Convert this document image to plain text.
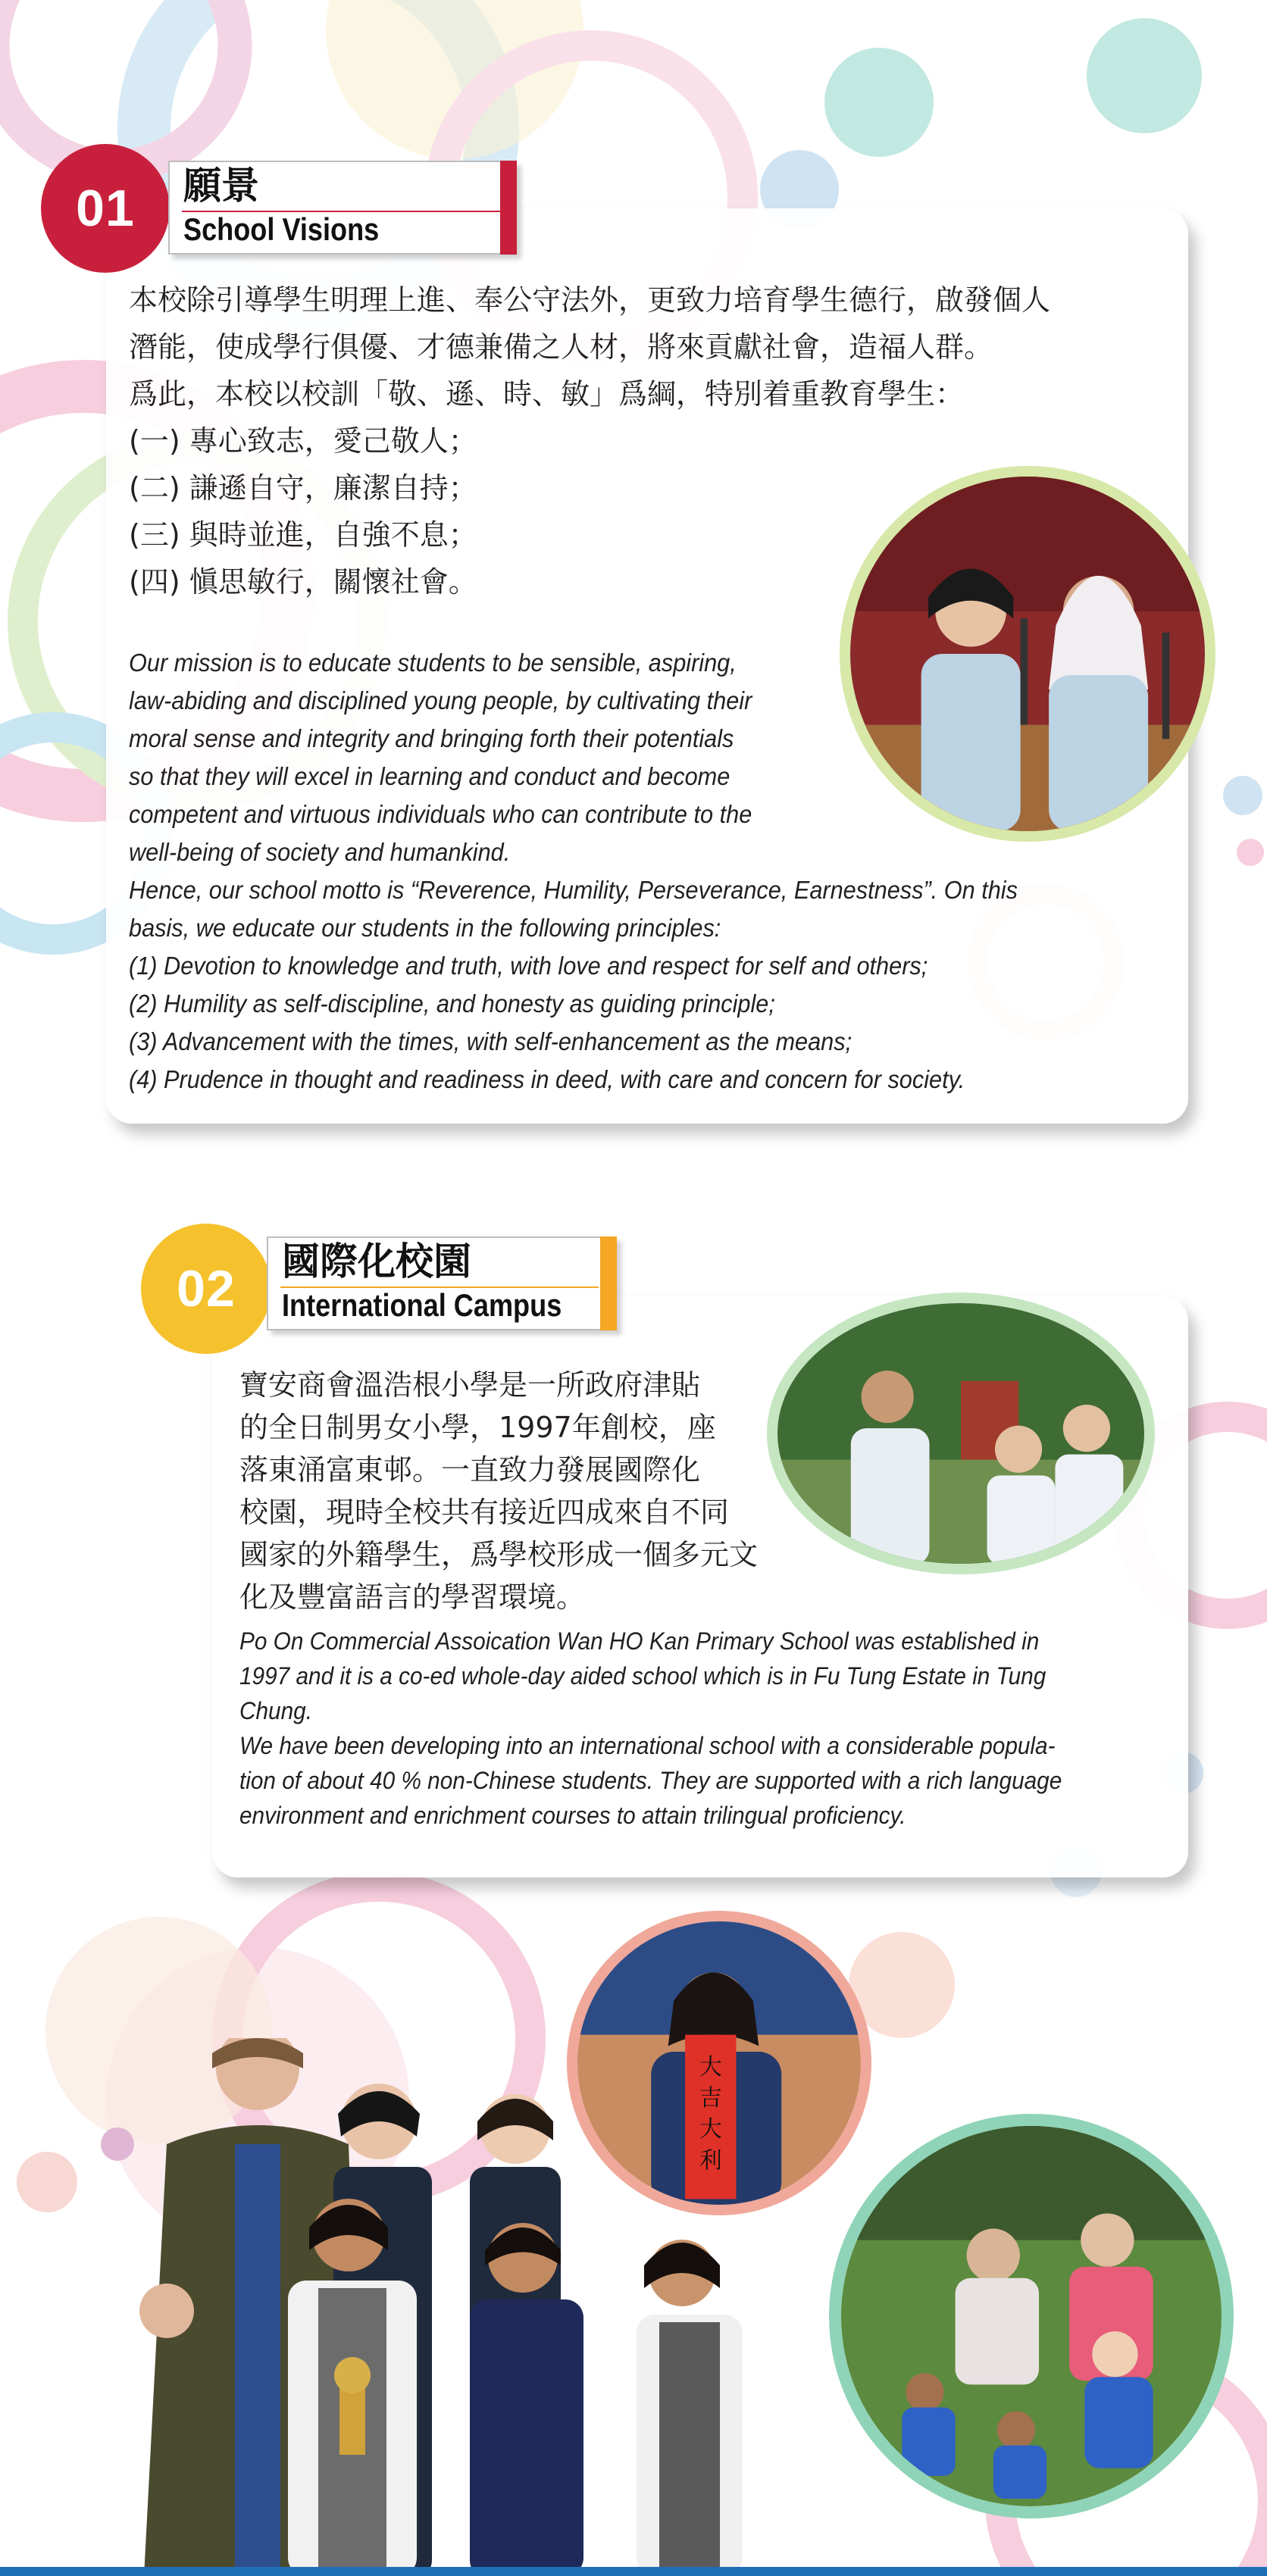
01	願景
School Visions

本校除引導學生明理上進、奉公守法外，更致力培育學生德行，啟發個人

潛能，使成學行俱優、才德兼備之人材，將來貢獻社會，造福人群。

爲此，本校以校訓「敬、遜、時、敏」爲綱，特別着重教育學生：

(一) 專心致志，愛己敬人；

(二) 謙遜自守，廉潔自持；

(三) 與時並進，自強不息；

(四) 愼思敏行，關懷社會。

Our mission is to educate students to be sensible, aspiring,

law-abiding and disciplined young people, by cultivating their

moral sense and integrity and bringing forth their potentials

so that they will excel in learning and conduct and become

competent and virtuous individuals who can contribute to the

well-being of society and humankind.

Hence, our school motto is “Reverence, Humility, Perseverance, Earnestness”. On this

basis, we educate our students in the following principles:

(1) Devotion to knowledge and truth, with love and respect for self and others;

(2) Humility as self-discipline, and honesty as guiding principle;

(3) Advancement with the times, with self-enhancement as the means;

(4) Prudence in thought and readiness in deed, with care and concern for society.

02	國際化校園
International Campus

寶安商會溫浩根小學是一所政府津貼

的全日制男女小學，1997年創校，座

落東涌富東邨。一直致力發展國際化

校園，現時全校共有接近四成來自不同

國家的外籍學生，爲學校形成一個多元文

化及豐富語言的學習環境。

Po On Commercial Assoication Wan HO Kan Primary School was established in

1997 and it is a co-ed whole-day aided school which is in Fu Tung Estate in Tung

Chung.

We have been developing into an international school with a considerable popula-

tion of about 40 % non-Chinese students. They are supported with a rich language

environment and enrichment courses to attain trilingual proficiency.

大吉大利
